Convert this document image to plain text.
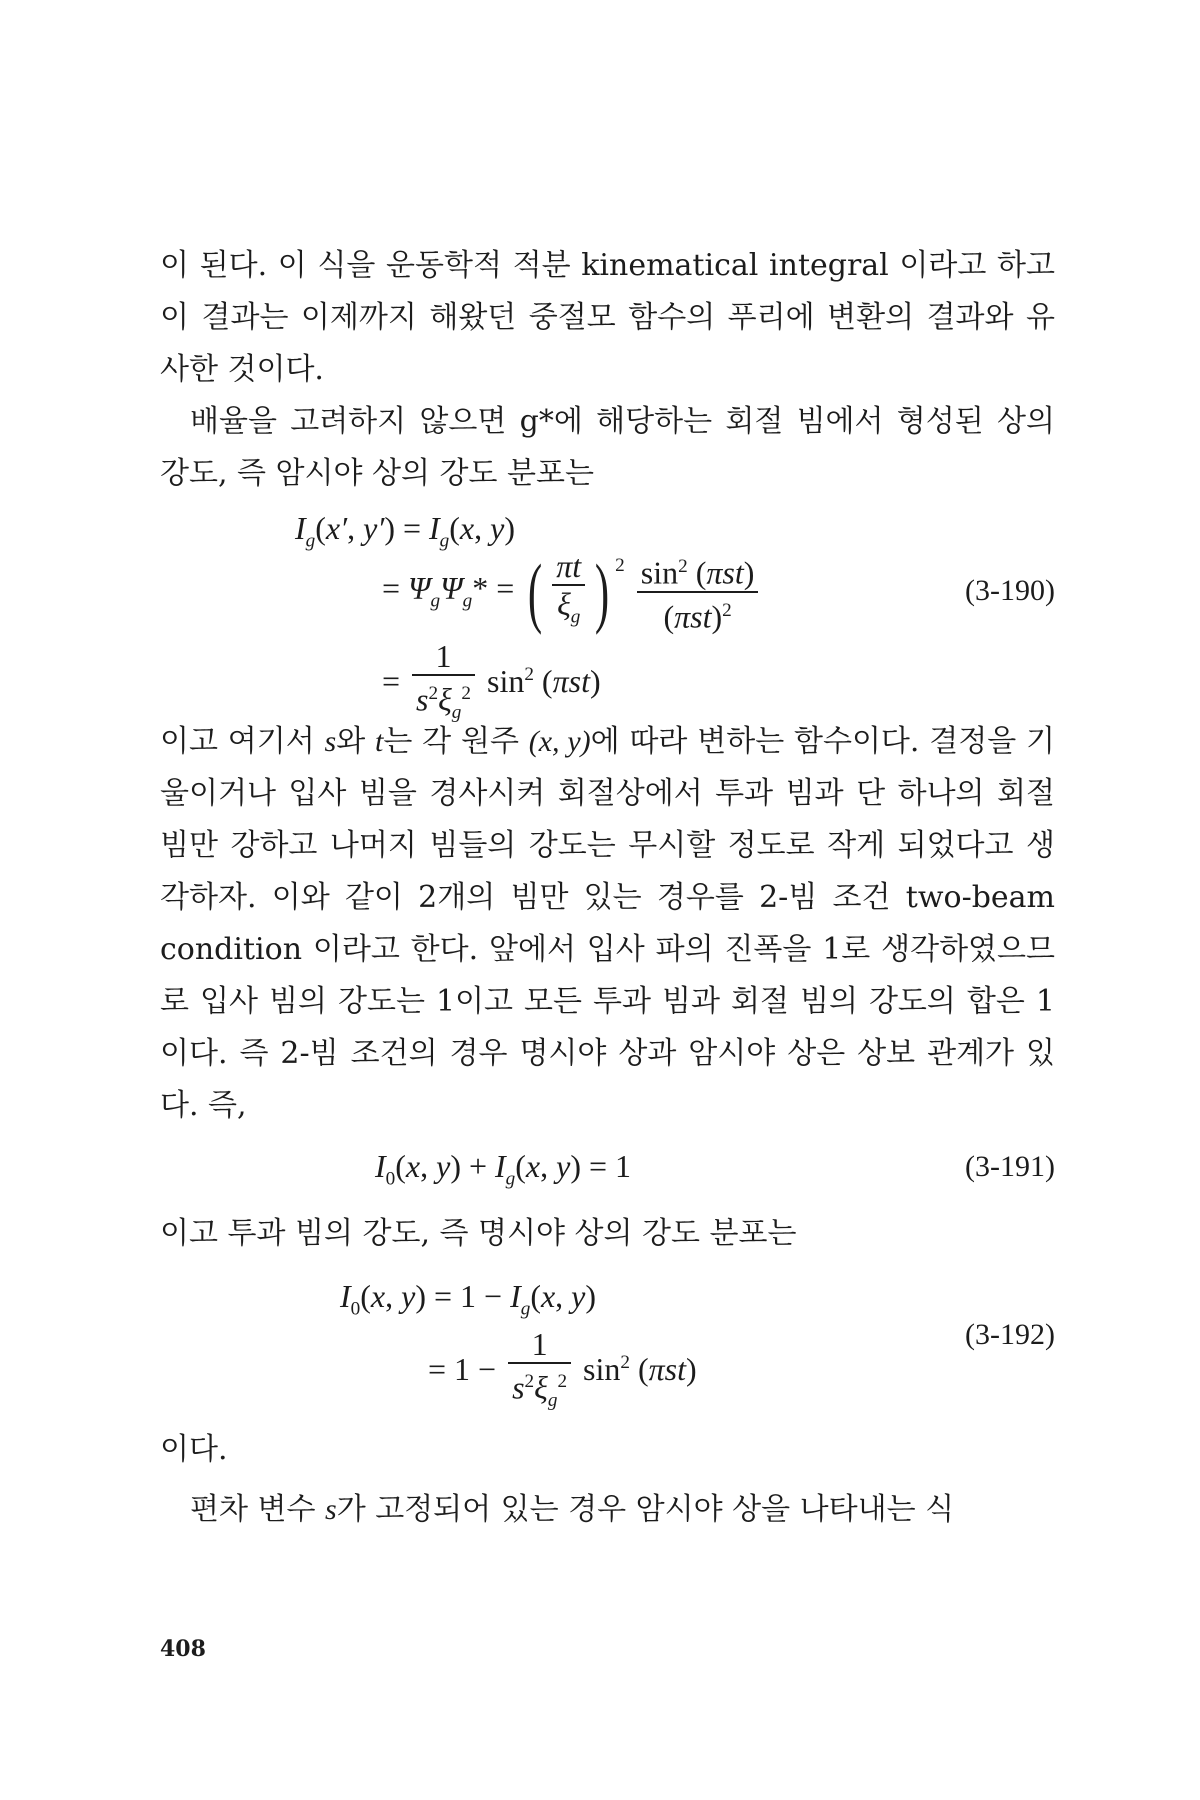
이 된다. 이 식을 운동학적 적분 kinematical integral 이라고 하고 이 결과는 이제까지 해왔던 중절모 함수의 푸리에 변환의 결과와 유사한 것이다.

배율을 고려하지 않으면 g*에 해당하는 회절 빔에서 형성된 상의 강도, 즉 암시야 상의 강도 분포는

$I_g(x'$, $y') = I_g(x$, y)
= $\Psi_g\Psi_g*$ = ( $\frac{\pi t}{\xi_g}$ ) $^2 \frac{\sin^2 (\pi st)}{(\pi st)^2}$	(3-190)
= $\frac{1}{s^2\xi_g^2} \sin^2 (\pi st)$

이고 여기서 s와 t는 각 원주 (x, y)에 따라 변하는 함수이다. 결정을 기울이거나 입사 빔을 경사시켜 회절상에서 투과 빔과 단 하나의 회절 빔만 강하고 나머지 빔들의 강도는 무시할 정도로 작게 되었다고 생각하자. 이와 같이 2개의 빔만 있는 경우를 2-빔 조건 two-beam condition 이라고 한다. 앞에서 입사 파의 진폭을 1로 생각하였으므로 입사 빔의 강도는 1이고 모든 투과 빔과 회절 빔의 강도의 합은 1이다. 즉 2-빔 조건의 경우 명시야 상과 암시야 상은 상보 관계가 있다. 즉,

$I_0(x$, $y) + I_g(x$, y) = 1	(3-191)

이고 투과 빔의 강도, 즉 명시야 상의 강도 분포는

$I_0(x$, $y) = 1 - I_g(x$, y)
(3-192)
= $1 - \frac{1}{s^2\xi_g^2} \sin^2 (\pi st)$

이다.

편차 변수 s가 고정되어 있는 경우 암시야 상을 나타내는 식

408
